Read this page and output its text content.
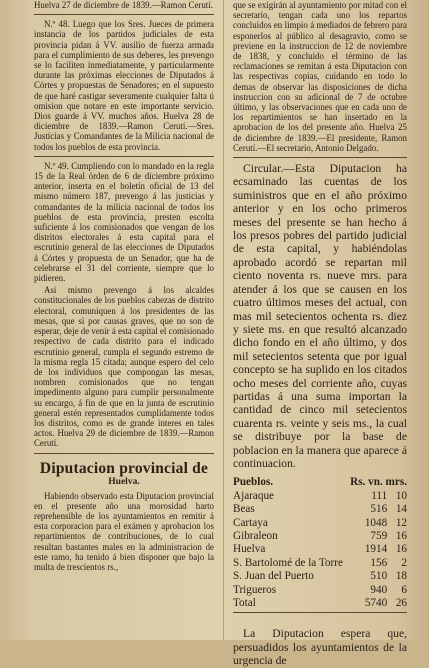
Huelva 27 de diciembre de 1839.—Ramon Cerutí.

N.º 48. Luego que los Sres. Jueces de primera instancia de los partidos judiciales de esta provincia pidan á VV. ausilio de fuerza armada para el cumplimiento de sus deberes, les prevengo se lo faciliten inmediatamente, y particularmente durante las próximas elecciones de Diputados á Córtes y propuestas de Senadores; en el supuesto de que haré castigar severamente cualquier falta ú omision que notare en este importante servicio. Dios guarde á VV. muchos años. Huelva 28 de diciembre de 1839.—Ramon Cerutí.—Sres. Justicias y Comandantes de la Milicia nacional de todos los pueblos de esta provincia.

N.º 49. Cumpliendo con lo mandado en la regla 15 de la Real órden de 6 de diciembre próximo anterior, inserta en el boletín oficial de 13 del mismo número 187, prevengo á las justicias y comandantes de la milicia nacional de todos los pueblos de esta provincia, presten escolta suficiente á los comisionados que vengan de los distritos electorales á esta capital para el escrutinio general de las elecciones de Diputados á Córtes y propuesta de un Senador, que ha de celebrarse el 31 del corriente, siempre que lo pidieren.

Asi mismo prevengo á los alcaldes constitucionales de los pueblos cabezas de distrito electoral, comuniquen á los presidentes de las mesas, que si por causas graves, que no son de esperar, deje de venir á esta capital el comisionado respectivo de cada distrito para el indicado escrutinio general, cumpla el segundo estremo de la misma regla 15 citada; aunque espero del celo de los individuos que compongan las mesas, nombren comisionados que no tengan impedimento alguno para cumplir personalmente su encargo, á fin de que en la junta de escrutinio general estén representados cumplidamente todos los distritos, como es de grande interes en tales actos. Huelva 29 de diciembre de 1839.—Ramon Cerutí.

Diputacion provincial de
Huelva.

Habiendo observado esta Diputacion provincial en el presente año una morosidad harto reprehensible de los ayuntamientos en remitir á esta corporacion para el exámen y aprobacion los repartimientos de contribuciones, de lo cual resultan bastantes males en la administracion de este ramo, ha tenido á bien disponer que bajo la multa de trescientos rs.,

que se exigirán al ayuntamiento por mitad con el secretario, tengan cada uno los repartos concluidos en limpio á mediados de febrero para esponerlos al público al desagravio, como se previene en la instruccion de 12 de noviembre de 1838, y concluido el término de las reclamaciones se remitan á esta Diputacion con las respectivas copias, cuidando en todo lo demas de observar las disposiciones de dicha instruccion con su adicional de 7 de octubre último, y las observaciones que en cada uno de los repartimientos se han insertado en la aprobacion de los del presente año. Huelva 25 de diciembre de 1839.—El presidente, Ramon Cerutí.—El secretario, Antonio Delgado.

Circular.—Esta Diputacion ha ecsaminado las cuentas de los suministros que en el año próximo anterior y en los ocho primeros meses del presente se han hecho á los presos pobres del partido judicial de esta capital, y habiéndolas aprobado acordó se repartan mil ciento noventa rs. nueve mrs. para atender á los que se causen en los cuatro últimos meses del actual, con mas mil setecientos ochenta rs. diez y siete ms. en que resultó alcanzado dicho fondo en el año último, y dos mil setecientos setenta que por igual concepto se ha suplido en los citados ocho meses del corriente año, cuyas partidas á una suma importan la cantidad de cinco mil setecientos cuarenta rs. veinte y seis ms., la cual se distribuye por la base de poblacion en la manera que aparece á continuacion.

Pueblos.	Rs. vn. mrs.	
Ajaraque	111	10
Beas	516	14
Cartaya	1048	12
Gibraleon	759	16
Huelva	1914	16
S. Bartolomé de la Torre	156	2
S. Juan del Puerto	510	18
Trigueros	940	6
Total	5740	26

La Diputacion espera que, persuadidos los ayuntamientos de la urgencia de
